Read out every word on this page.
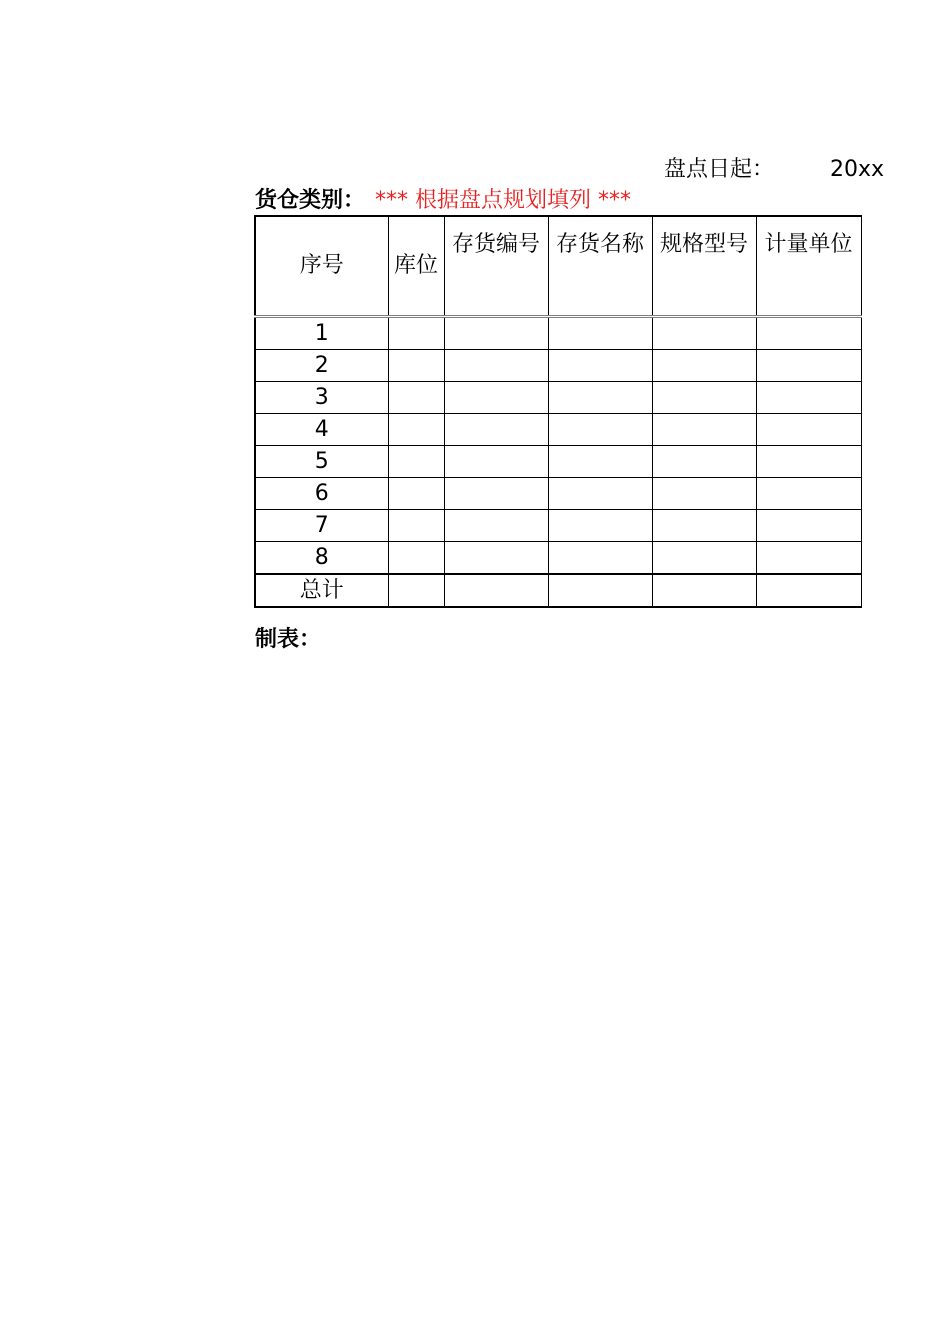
盘点日起：	20xx
货仓类别： *** 根据盘点规划填列 ***
序号	库位	存货编号	存货名称	规格型号	计量单位
1					
2					
3					
4					
5					
6					
7					
8					
总计					
制表：
